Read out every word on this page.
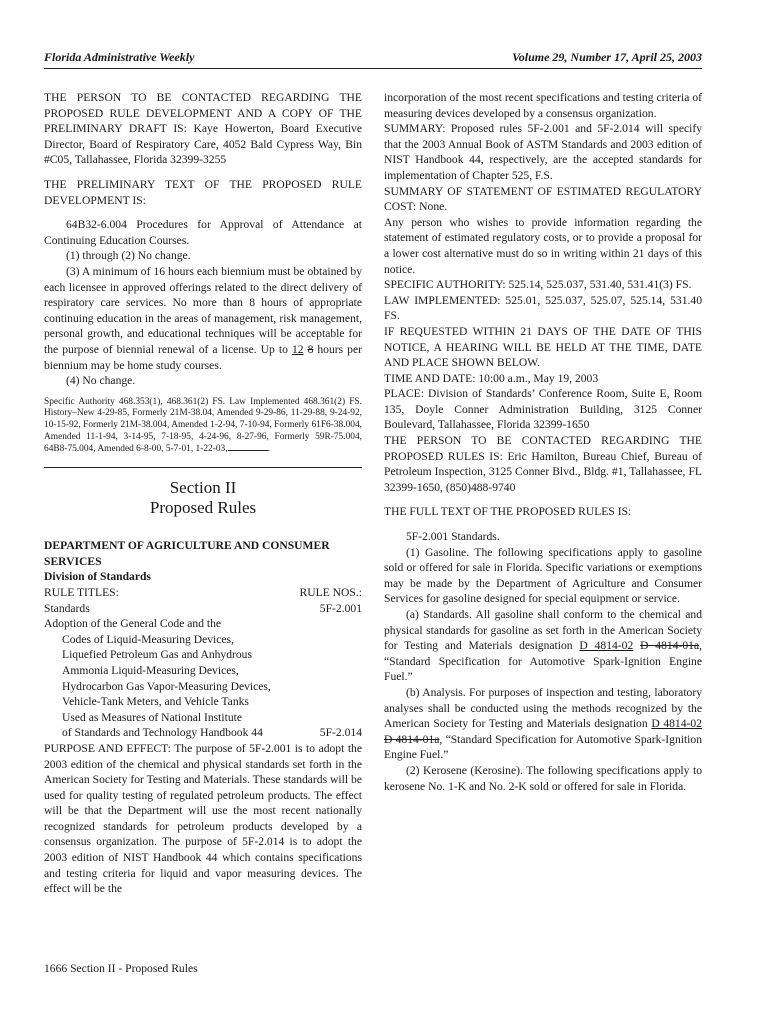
Florida Administrative Weekly	Volume 29, Number 17, April 25, 2003

THE PERSON TO BE CONTACTED REGARDING THE PROPOSED RULE DEVELOPMENT AND A COPY OF THE PRELIMINARY DRAFT IS: Kaye Howerton, Board Executive Director, Board of Respiratory Care, 4052 Bald Cypress Way, Bin #C05, Tallahassee, Florida 32399-3255

THE PRELIMINARY TEXT OF THE PROPOSED RULE DEVELOPMENT IS:

64B32-6.004 Procedures for Approval of Attendance at Continuing Education Courses.

(1) through (2) No change.

(3) A minimum of 16 hours each biennium must be obtained by each licensee in approved offerings related to the direct delivery of respiratory care services. No more than 8 hours of appropriate continuing education in the areas of management, risk management, personal growth, and educational techniques will be acceptable for the purpose of biennial renewal of a license. Up to 12 8 hours per biennium may be home study courses.

(4) No change.

Specific Authority 468.353(1), 468.361(2) FS. Law Implemented 468.361(2) FS. History–New 4-29-85, Formerly 21M-38.04, Amended 9-29-86, 11-29-88, 9-24-92, 10-15-92, Formerly 21M-38.004, Amended 1-2-94, 7-10-94, Formerly 61F6-38.004, Amended 11-1-94, 3-14-95, 7-18-95, 4-24-96, 8-27-96, Formerly 59R-75.004, 64B8-75.004, Amended 6-8-00, 5-7-01, 1-22-03,	.

Section II
Proposed Rules

DEPARTMENT OF AGRICULTURE AND CONSUMER SERVICES

Division of Standards

RULE TITLES:	RULE NOS.:
Standards	5F-2.001
Adoption of the General Code and the
Codes of Liquid-Measuring Devices,
Liquefied Petroleum Gas and Anhydrous
Ammonia Liquid-Measuring Devices,
Hydrocarbon Gas Vapor-Measuring Devices,
Vehicle-Tank Meters, and Vehicle Tanks
Used as Measures of National Institute
of Standards and Technology Handbook 44	5F-2.014

PURPOSE AND EFFECT: The purpose of 5F-2.001 is to adopt the 2003 edition of the chemical and physical standards set forth in the American Society for Testing and Materials. These standards will be used for quality testing of regulated petroleum products. The effect will be that the Department will use the most recent nationally recognized standards for petroleum products developed by a consensus organization. The purpose of 5F-2.014 is to adopt the 2003 edition of NIST Handbook 44 which contains specifications and testing criteria for liquid and vapor measuring devices. The effect will be the

incorporation of the most recent specifications and testing criteria of measuring devices developed by a consensus organization.

SUMMARY: Proposed rules 5F-2.001 and 5F-2.014 will specify that the 2003 Annual Book of ASTM Standards and 2003 edition of NIST Handbook 44, respectively, are the accepted standards for implementation of Chapter 525, F.S.

SUMMARY OF STATEMENT OF ESTIMATED REGULATORY COST: None.

Any person who wishes to provide information regarding the statement of estimated regulatory costs, or to provide a proposal for a lower cost alternative must do so in writing within 21 days of this notice.

SPECIFIC AUTHORITY: 525.14, 525.037, 531.40, 531.41(3) FS.

LAW IMPLEMENTED: 525.01, 525.037, 525.07, 525.14, 531.40 FS.

IF REQUESTED WITHIN 21 DAYS OF THE DATE OF THIS NOTICE, A HEARING WILL BE HELD AT THE TIME, DATE AND PLACE SHOWN BELOW.

TIME AND DATE: 10:00 a.m., May 19, 2003

PLACE: Division of Standards’ Conference Room, Suite E, Room 135, Doyle Conner Administration Building, 3125 Conner Boulevard, Tallahassee, Florida 32399-1650

THE PERSON TO BE CONTACTED REGARDING THE PROPOSED RULES IS: Eric Hamilton, Bureau Chief, Bureau of Petroleum Inspection, 3125 Conner Blvd., Bldg. #1, Tallahassee, FL 32399-1650, (850)488-9740

THE FULL TEXT OF THE PROPOSED RULES IS:

5F-2.001 Standards.

(1) Gasoline. The following specifications apply to gasoline sold or offered for sale in Florida. Specific variations or exemptions may be made by the Department of Agriculture and Consumer Services for gasoline designed for special equipment or service.

(a) Standards. All gasoline shall conform to the chemical and physical standards for gasoline as set forth in the American Society for Testing and Materials designation D 4814-02 D 4814-01a, “Standard Specification for Automotive Spark-Ignition Engine Fuel.”

(b) Analysis. For purposes of inspection and testing, laboratory analyses shall be conducted using the methods recognized by the American Society for Testing and Materials designation D 4814-02 D 4814-01a, “Standard Specification for Automotive Spark-Ignition Engine Fuel.”

(2) Kerosene (Kerosine). The following specifications apply to kerosene No. 1-K and No. 2-K sold or offered for sale in Florida.

1666 Section II - Proposed Rules
